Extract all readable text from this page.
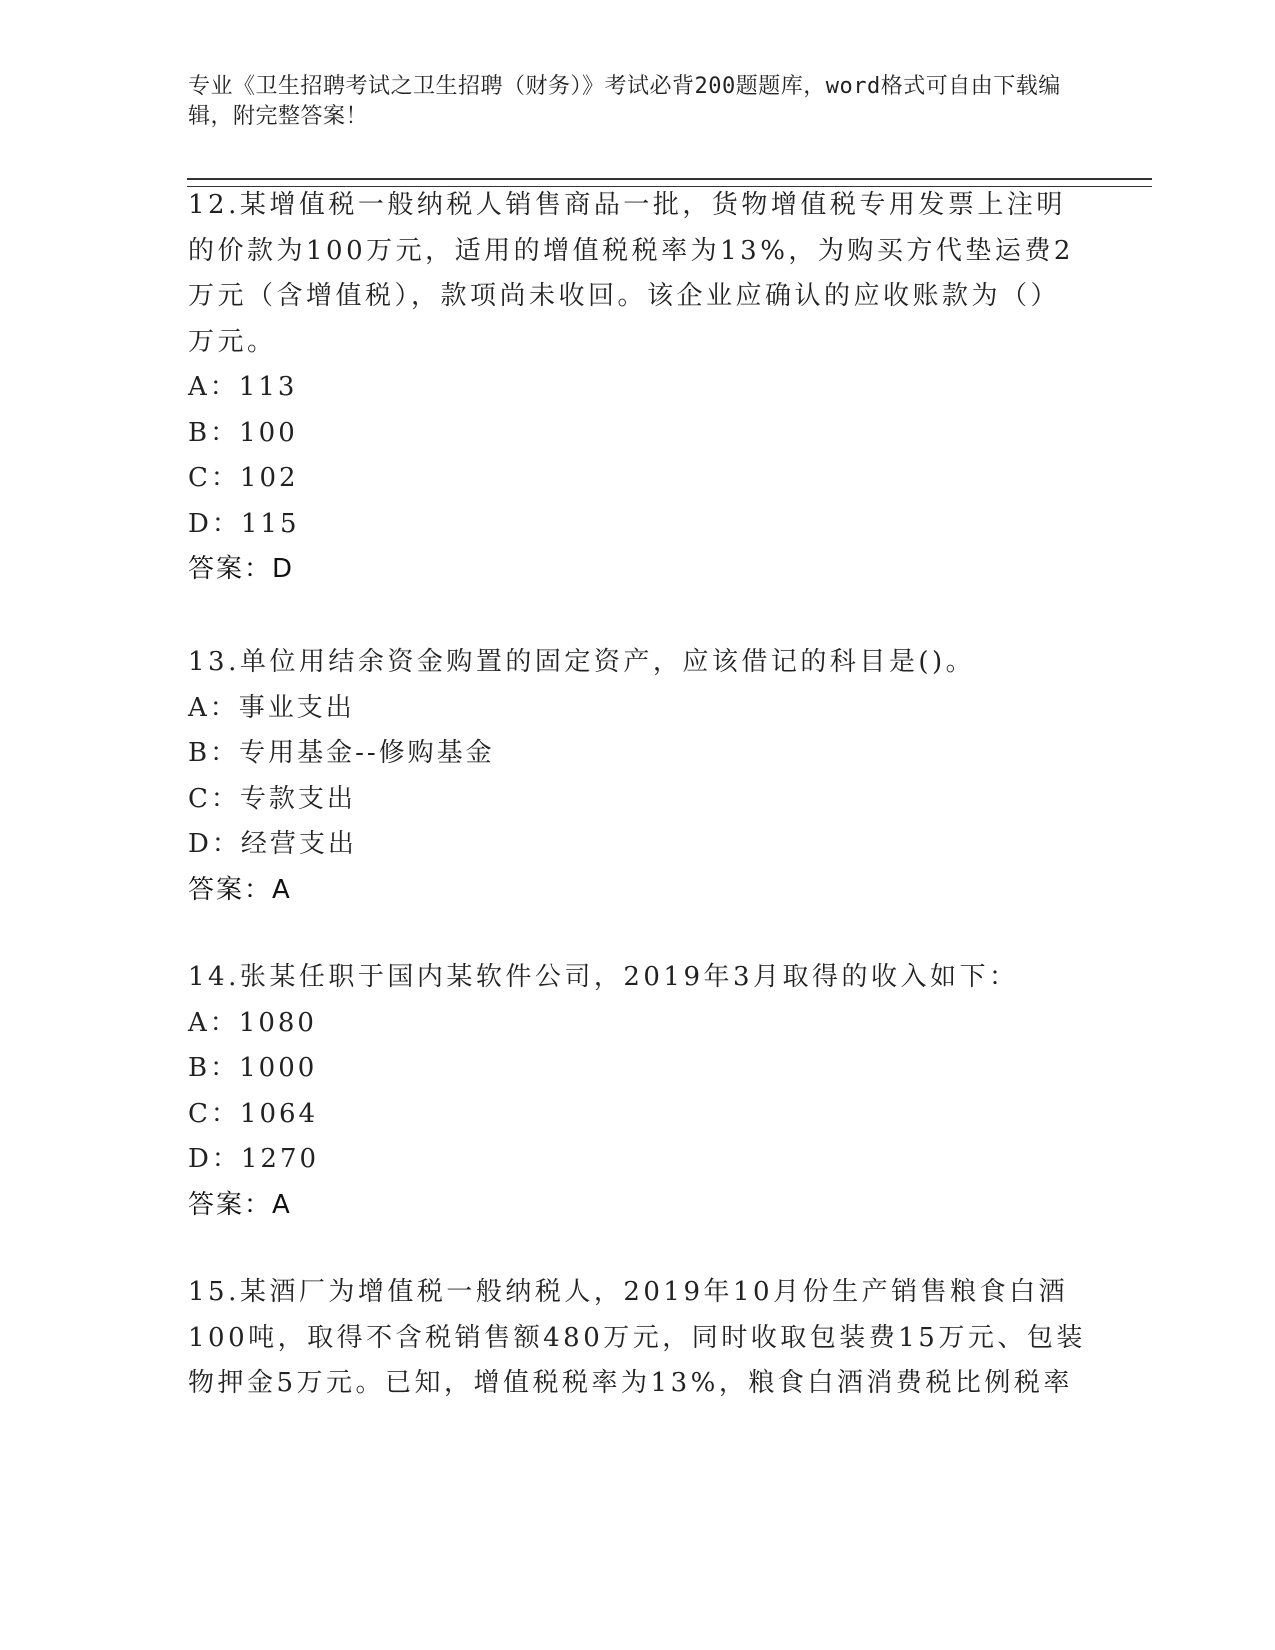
专业《卫生招聘考试之卫生招聘（财务）》考试必背200题题库，word格式可自由下载编辑，附完整答案！
12.某增值税一般纳税人销售商品一批，货物增值税专用发票上注明的价款为100万元，适用的增值税税率为13%，为购买方代垫运费2万元（含增值税），款项尚未收回。该企业应确认的应收账款为（）万元。
A：113
B：100
C：102
D：115
答案：D
13.单位用结余资金购置的固定资产，应该借记的科目是()。
A：事业支出
B：专用基金--修购基金
C：专款支出
D：经营支出
答案：A
14.张某任职于国内某软件公司，2019年3月取得的收入如下：
A：1080
B：1000
C：1064
D：1270
答案：A
15.某酒厂为增值税一般纳税人，2019年10月份生产销售粮食白酒100吨，取得不含税销售额480万元，同时收取包装费15万元、包装物押金5万元。已知，增值税税率为13%，粮食白酒消费税比例税率
